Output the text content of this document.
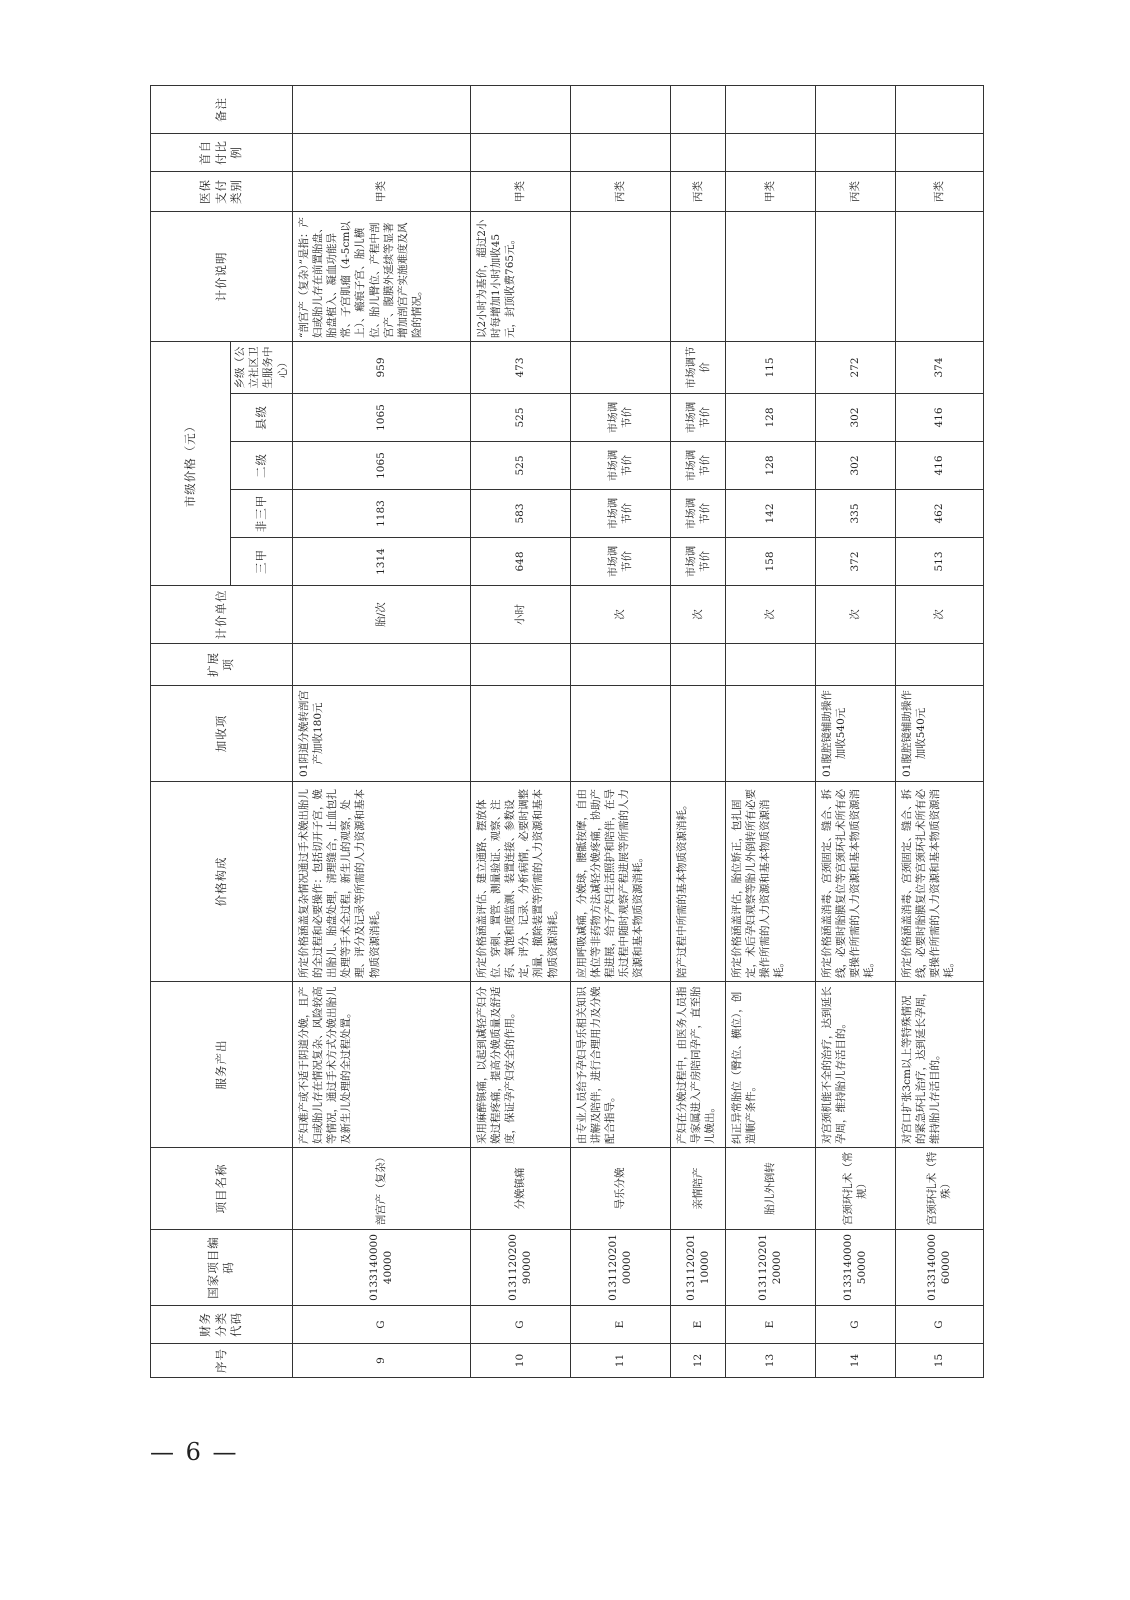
序号	财务分类代码	国家项目编码	项目名称	服务产出	价格构成	加收项	扩展项	计价单位	市级价格（元）					计价说明	医保支付类别	首自付比例	备注
									三甲	非三甲	二级	县级	乡级（公立社区卫生服务中心）				
9	G	013314000040000	剖宫产（复杂）	产妇难产或不适于阴道分娩，且产妇或胎儿存在情况复杂、风险较高等情况，通过手术方式分娩出胎儿及新生儿处理的全过程处置。	所定价格涵盖复杂情况通过手术娩出胎儿的全过程和必要操作：包括切开子宫，娩出胎儿、胎盘处理，清理缝合，止血包扎处理等手术全过程，新生儿的观察，处理、评分及记录等所需的人力资源和基本物质资源消耗。	01阴道分娩转剖宫产加收180元		胎/次	1314	1183	1065	1065	959	“剖宫产（复杂）”是指：产妇或胎儿存在前置胎盘、胎盘植入、凝血功能异常、子宫肌瘤（4-5cm以上）、瘢痕子宫、胎儿横位、胎儿臀位、产程中剖宫产、腹膜外延续等显著增加剖宫产实施难度及风险的情况。	甲类		
10	G	013112020090000	分娩镇痛	采用麻醉镇痛，以起到减轻产妇分娩过程疼痛，提高分娩质量及舒适度，保证孕产妇安全的作用。	所定价格涵盖评估、建立通路、摆放体位、穿刺、置管、测量验证、观察、注药、氧饱和度监测、装置连接、参数设定，评分、记录、分析病情，必要时调整剂量，撤除装置等所需的人力资源和基本物质资源消耗。			小时	648	583	525	525	473	以2小时为基价，超过2小时每增加1小时加收45元，封顶收费765元。	甲类		
11	E	013112020100000	导乐分娩	由专业人员给予孕妇导乐相关知识讲解及陪伴，进行合理用力及分娩配合指导。	应用呼吸减痛，分娩球，腰骶按摩，自由体位等非药物方法减轻分娩疼痛，协助产程进展，给予产妇生活照护和陪伴，在导乐过程中随时观察产程进展等所需的人力资源和基本物质资源消耗。			次	市场调节价	市场调节价	市场调节价	市场调节价			丙类		
12	E	013112020110000	亲情陪产	产妇在分娩过程中，由医务人员指导家属进入产房陪同孕产，直至胎儿娩出。	陪产过程中所需的基本物质资源消耗。			次	市场调节价	市场调节价	市场调节价	市场调节价	市场调节价		丙类		
13	E	013112020120000	胎儿外倒转	纠正异常胎位（臀位、横位），创造顺产条件。	所定价格涵盖评估，胎位矫正，包扎固定，术后孕妇观察等胎儿外倒转所有必要操作所需的人力资源和基本物质资源消耗。			次	158	142	128	128	115		甲类		
14	G	013314000050000	宫颈环扎术（常规）	对宫颈机能不全的治疗，达到延长孕周，维持胎儿存活目的。	所定价格涵盖消毒、宫颈固定、缝合、拆线，必要时胎膜复位等宫颈环扎术所有必要操作所需的人力资源和基本物质资源消耗。	01腹腔镜辅助操作加收540元		次	372	335	302	302	272		丙类		
15	G	013314000060000	宫颈环扎术（特殊）	对宫口扩张3cm以上等特殊情况的紧急环扎治疗，达到延长孕周，维持胎儿存活目的。	所定价格涵盖消毒、宫颈固定、缝合、拆线，必要时胎膜复位等宫颈环扎术所有必要操作所需的人力资源和基本物质资源消耗。	01腹腔镜辅助操作加收540元		次	513	462	416	416	374		丙类		
— 6 —
